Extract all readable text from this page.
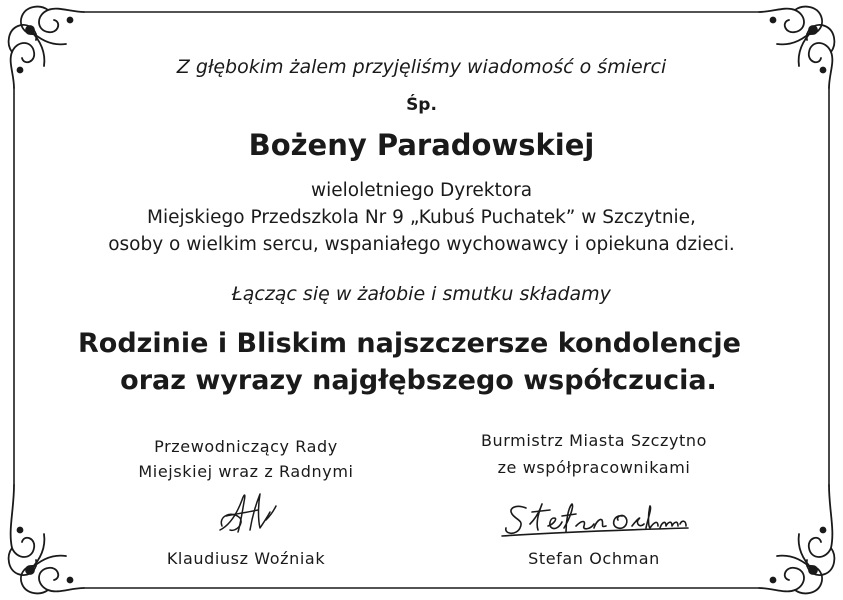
Z głębokim żalem przyjęliśmy wiadomość o śmierci
Śp.
Bożeny Paradowskiej
wieloletniego Dyrektora
Miejskiego Przedszkola Nr 9 „Kubuś Puchatek” w Szczytnie,
osoby o wielkim sercu, wspaniałego wychowawcy i opiekuna dzieci.
Łącząc się w żałobie i smutku składamy
Rodzinie i Bliskim najszczersze kondolencje
oraz wyrazy najgłębszego współczucia.
Przewodniczący Rady
Miejskiej wraz z Radnymi
Klaudiusz Woźniak
Burmistrz Miasta Szczytno
ze współpracownikami
Stefan Ochman
